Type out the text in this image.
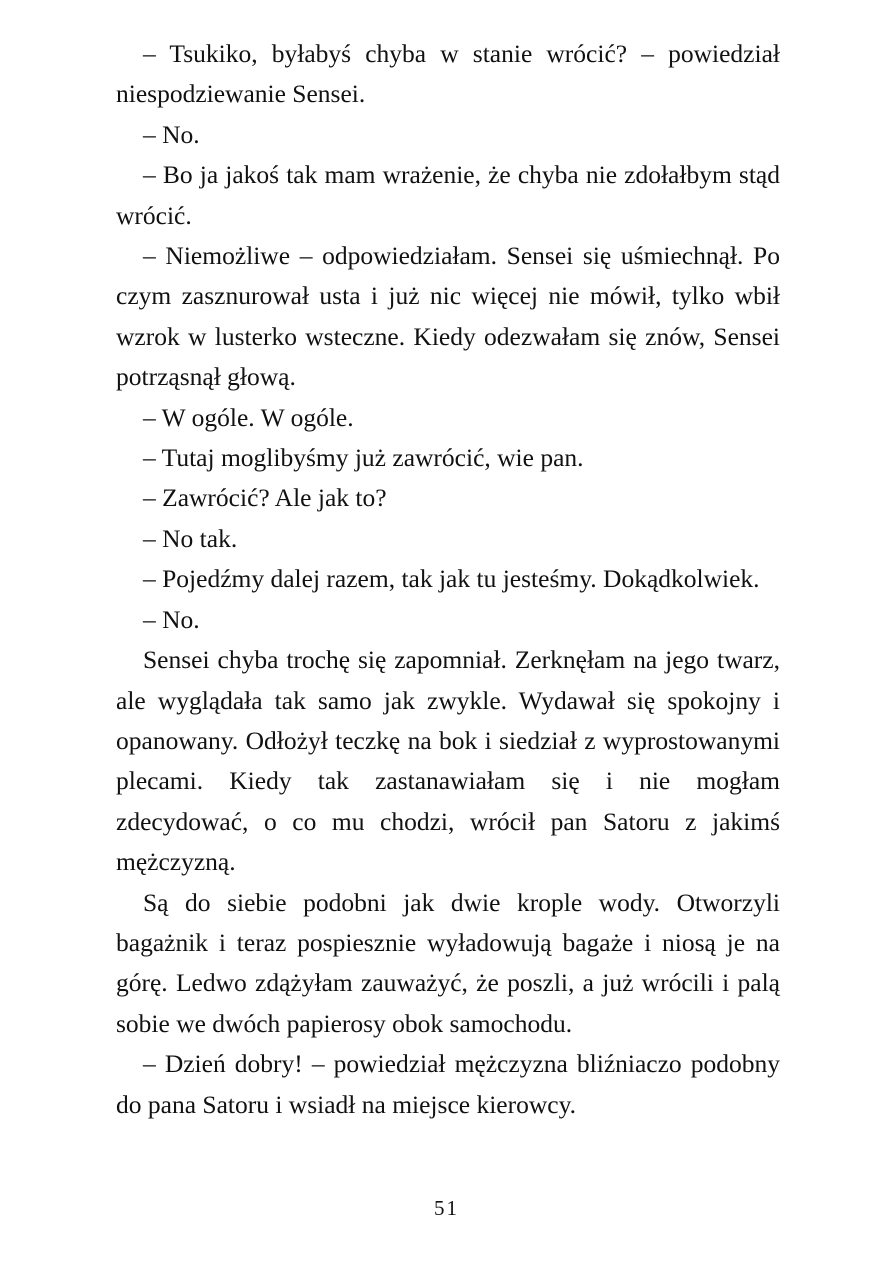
– Tsukiko, byłabyś chyba w stanie wrócić? – powiedział niespodziewanie Sensei.

– No.

– Bo ja jakoś tak mam wrażenie, że chyba nie zdołałbym stąd wrócić.

– Niemożliwe – odpowiedziałam. Sensei się uśmiechnął. Po czym zasznurował usta i już nic więcej nie mówił, tylko wbił wzrok w lusterko wsteczne. Kiedy odezwałam się znów, Sensei potrząsnął głową.

– W ogóle. W ogóle.

– Tutaj moglibyśmy już zawrócić, wie pan.

– Zawrócić? Ale jak to?

– No tak.

– Pojedźmy dalej razem, tak jak tu jesteśmy. Dokądkolwiek.

– No.

Sensei chyba trochę się zapomniał. Zerknęłam na jego twarz, ale wyglądała tak samo jak zwykle. Wydawał się spokojny i opanowany. Odłożył teczkę na bok i siedział z wyprostowanymi plecami. Kiedy tak zastanawiałam się i nie mogłam zdecydować, o co mu chodzi, wrócił pan Satoru z jakimś mężczyzną.

Są do siebie podobni jak dwie krople wody. Otworzyli bagażnik i teraz pospiesznie wyładowują bagaże i niosą je na górę. Ledwo zdążyłam zauważyć, że poszli, a już wrócili i palą sobie we dwóch papierosy obok samochodu.

– Dzień dobry! – powiedział mężczyzna bliźniaczo podobny do pana Satoru i wsiadł na miejsce kierowcy.

51
